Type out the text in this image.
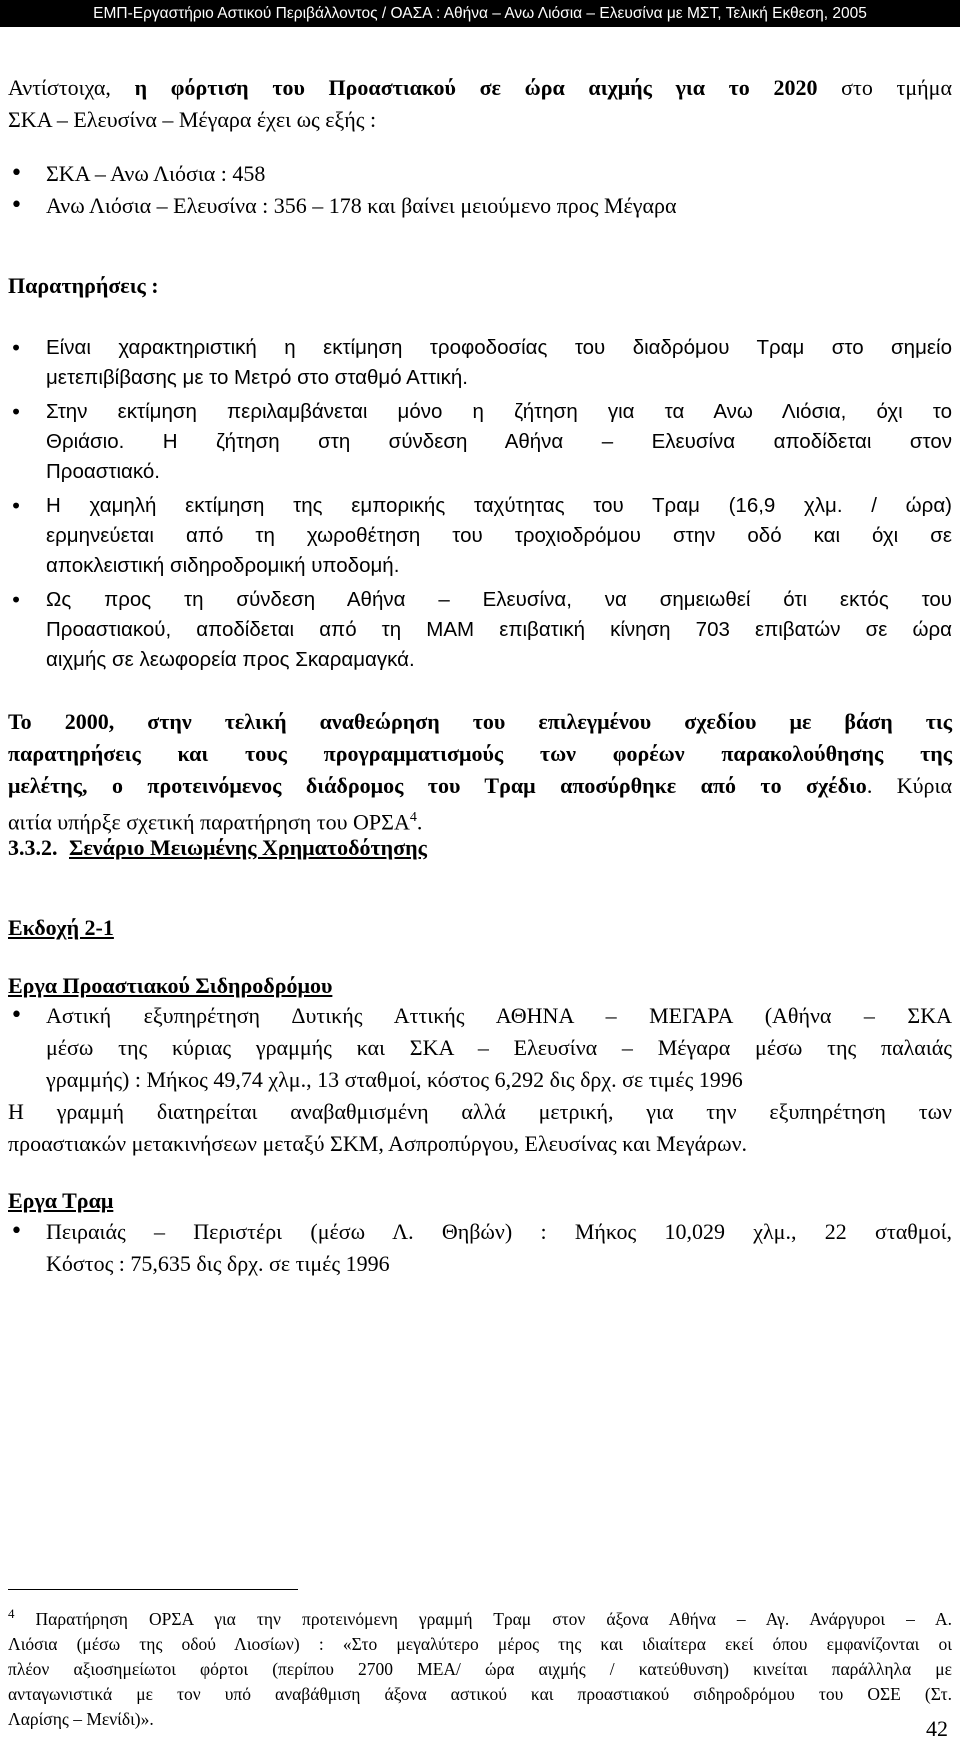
ΕΜΠ-Εργαστήριο Αστικού Περιβάλλοντος / ΟΑΣΑ : Αθήνα – Ανω Λιόσια – Ελευσίνα με ΜΣΤ, Τελική Εκθεση, 2005

Αντίστοιχα, η φόρτιση του Προαστιακού σε ώρα αιχμής για το 2020 στο τμήμα

ΣΚΑ – Ελευσίνα – Μέγαρα έχει ως εξής :

• ΣΚΑ – Ανω Λιόσια : 458
• Ανω Λιόσια – Ελευσίνα : 356 – 178 και βαίνει μειούμενο προς Μέγαρα
Παρατηρήσεις :
• Είναι χαρακτηριστική η εκτίμηση τροφοδοσίας του διαδρόμου Τραμ στο σημείο

μετεπιβίβασης με το Μετρό στο σταθμό Αττική.

• Στην εκτίμηση περιλαμβάνεται μόνο η ζήτηση για τα Ανω Λιόσια, όχι το

Θριάσιο. Η ζήτηση στη σύνδεση Αθήνα – Ελευσίνα αποδίδεται στον

Προαστιακό.

• Η χαμηλή εκτίμηση της εμπορικής ταχύτητας του Τραμ (16,9 χλμ. / ώρα)

ερμηνεύεται από τη χωροθέτηση του τροχιοδρόμου στην οδό και όχι σε

αποκλειστική σιδηροδρομική υποδομή.

• Ως προς τη σύνδεση Αθήνα – Ελευσίνα, να σημειωθεί ότι εκτός του

Προαστιακού, αποδίδεται από τη ΜΑΜ επιβατική κίνηση 703 επιβατών σε ώρα

αιχμής σε λεωφορεία προς Σκαραμαγκά.

Το 2000, στην τελική αναθεώρηση του επιλεγμένου σχεδίου με βάση τις

παρατηρήσεις και τους προγραμματισμούς των φορέων παρακολούθησης της

μελέτης, ο προτεινόμενος διάδρομος του Τραμ αποσύρθηκε από το σχέδιο. Κύρια

αιτία υπήρξε σχετική παρατήρηση του ΟΡΣΑ$^4$.

3.3.2. Σενάριο Μειωμένης Χρηματοδότησης
Εκδοχή 2-1
Εργα Προαστιακού Σιδηροδρόμου
• Αστική εξυπηρέτηση Δυτικής Αττικής ΑΘΗΝΑ – ΜΕΓΑΡΑ (Αθήνα – ΣΚΑ

μέσω της κύριας γραμμής και ΣΚΑ – Ελευσίνα – Μέγαρα μέσω της παλαιάς

γραμμής) : Μήκος 49,74 χλμ., 13 σταθμοί, κόστος 6,292 δις δρχ. σε τιμές 1996

Η γραμμή διατηρείται αναβαθμισμένη αλλά μετρική, για την εξυπηρέτηση των

προαστιακών μετακινήσεων μεταξύ ΣΚΜ, Ασπροπύργου, Ελευσίνας και Μεγάρων.

Εργα Τραμ
• Πειραιάς – Περιστέρι (μέσω Λ. Θηβών) : Μήκος 10,029 χλμ., 22 σταθμοί,

Κόστος : 75,635 δις δρχ. σε τιμές 1996

$^4$ Παρατήρηση ΟΡΣΑ για την προτεινόμενη γραμμή Τραμ στον άξονα Αθήνα – Αγ. Ανάργυροι – Α.

Λιόσια (μέσω της οδού Λιοσίων) : «Στο μεγαλύτερο μέρος της και ιδιαίτερα εκεί όπου εμφανίζονται οι

πλέον αξιοσημείωτοι φόρτοι (περίπου 2700 ΜΕΑ/ ώρα αιχμής / κατεύθυνση) κινείται παράλληλα με

ανταγωνιστικά με τον υπό αναβάθμιση άξονα αστικού και προαστιακού σιδηροδρόμου του ΟΣΕ (Στ.

Λαρίσης – Μενίδι)».	42
